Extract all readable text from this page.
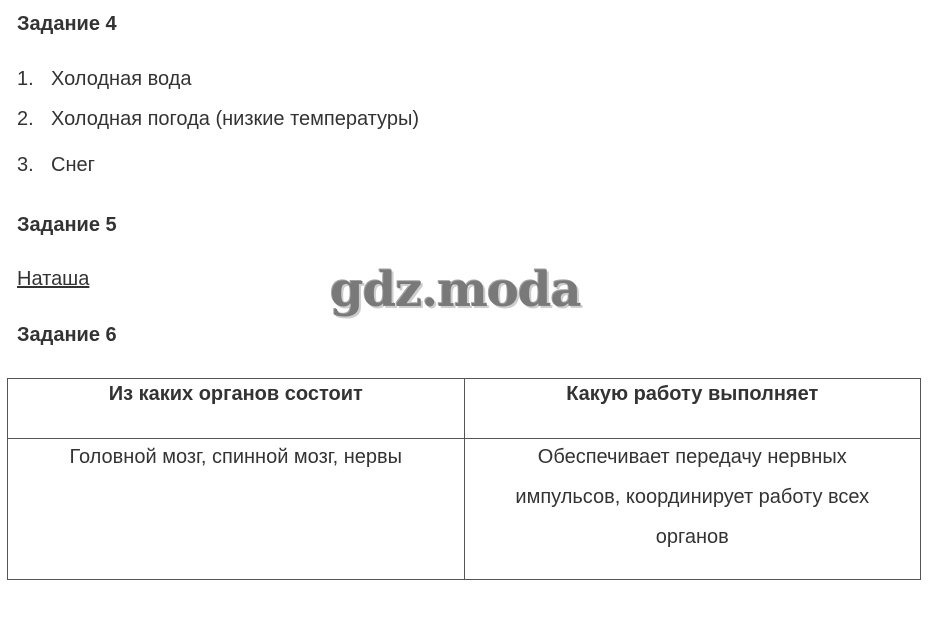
Задание 4
1. Холодная вода
2. Холодная погода (низкие температуры)
3. Снег
Задание 5
Наташа	gdz.moda
Задание 6
Из каких органов состоит	Какую работу выполняет

Головной мозг, спинной мозг, нервы	Обеспечивает передачу нервных импульсов, координирует работу всех органов
